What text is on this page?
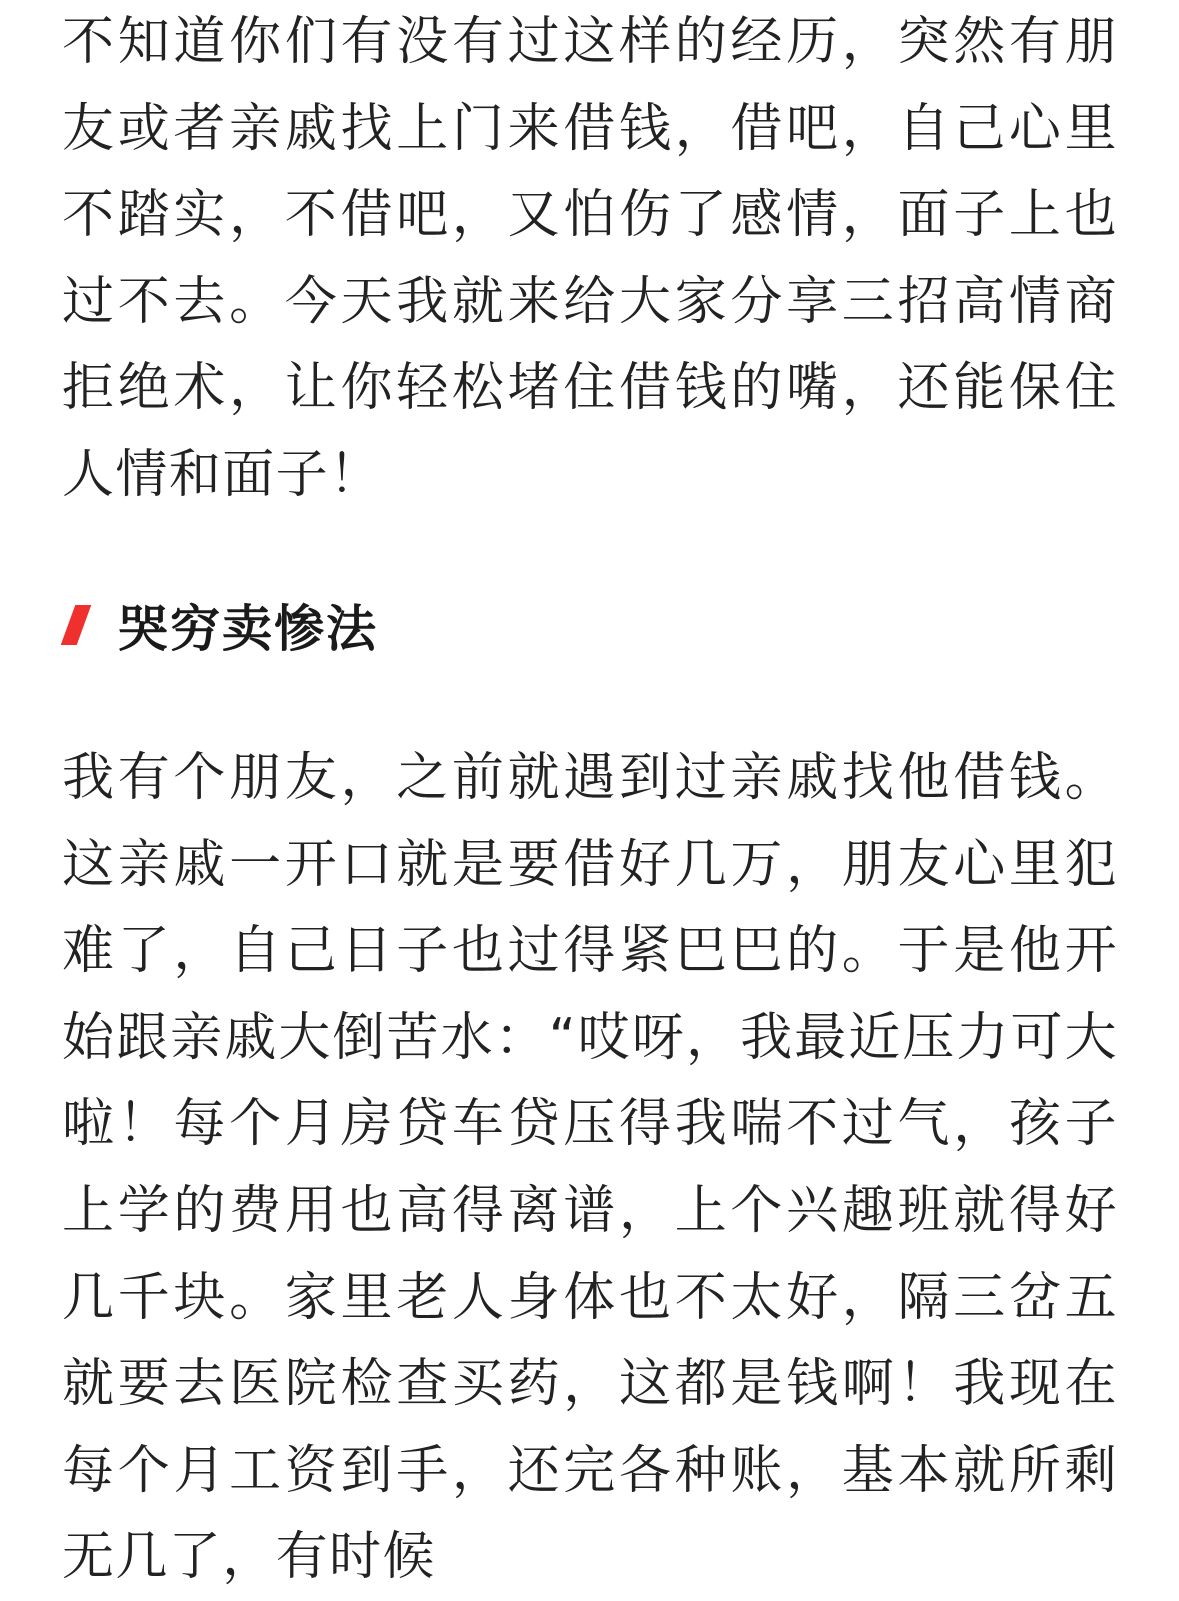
不知道你们有没有过这样的经历，突然有朋友或者亲戚找上门来借钱，借吧，自己心里不踏实，不借吧，又怕伤了感情，面子上也过不去。今天我就来给大家分享三招高情商拒绝术，让你轻松堵住借钱的嘴，还能保住人情和面子！

哭穷卖惨法

我有个朋友，之前就遇到过亲戚找他借钱。这亲戚一开口就是要借好几万，朋友心里犯难了，自己日子也过得紧巴巴的。于是他开始跟亲戚大倒苦水：“哎呀，我最近压力可大啦！每个月房贷车贷压得我喘不过气，孩子上学的费用也高得离谱，上个兴趣班就得好几千块。家里老人身体也不太好，隔三岔五就要去医院检查买药，这都是钱啊！我现在每个月工资到手，还完各种账，基本就所剩无几了，有时候
